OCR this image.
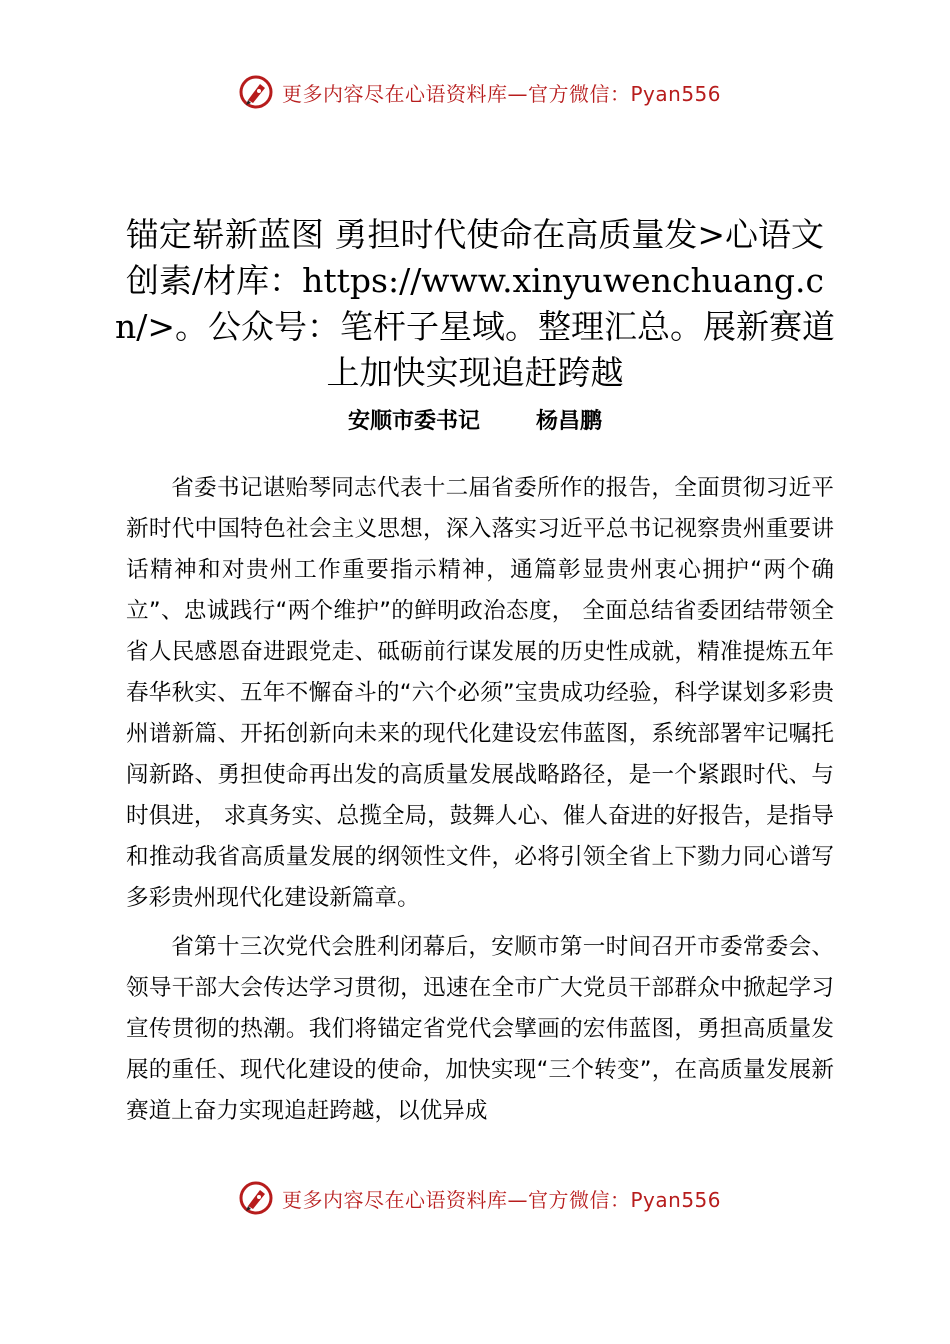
更多内容尽在心语资料库—官方微信：Pyan556
锚定崭新蓝图 勇担时代使命在高质量发>心语文创素/材库：https://www.xinyuwenchuang.cn/>。公众号：笔杆子星域。整理汇总。展新赛道上加快实现追赶跨越
安顺市委书记	杨昌鹏

省委书记谌贻琴同志代表十二届省委所作的报告，全面贯彻习近平新时代中国特色社会主义思想，深入落实习近平总书记视察贵州重要讲话精神和对贵州工作重要指示精神，通篇彰显贵州衷心拥护“两个确立”、忠诚践行“两个维护”的鲜明政治态度， 全面总结省委团结带领全省人民感恩奋进跟党走、砥砺前行谋发展的历史性成就，精准提炼五年春华秋实、五年不懈奋斗的“六个必须”宝贵成功经验，科学谋划多彩贵州谱新篇、开拓创新向未来的现代化建设宏伟蓝图，系统部署牢记嘱托闯新路、勇担使命再出发的高质量发展战略路径，是一个紧跟时代、与时俱进， 求真务实、总揽全局，鼓舞人心、催人奋进的好报告，是指导和推动我省高质量发展的纲领性文件，必将引领全省上下勠力同心谱写多彩贵州现代化建设新篇章。

省第十三次党代会胜利闭幕后，安顺市第一时间召开市委常委会、领导干部大会传达学习贯彻，迅速在全市广大党员干部群众中掀起学习宣传贯彻的热潮。我们将锚定省党代会擘画的宏伟蓝图，勇担高质量发展的重任、现代化建设的使命，加快实现“三个转变”，在高质量发展新赛道上奋力实现追赶跨越，以优异成

更多内容尽在心语资料库—官方微信：Pyan556
